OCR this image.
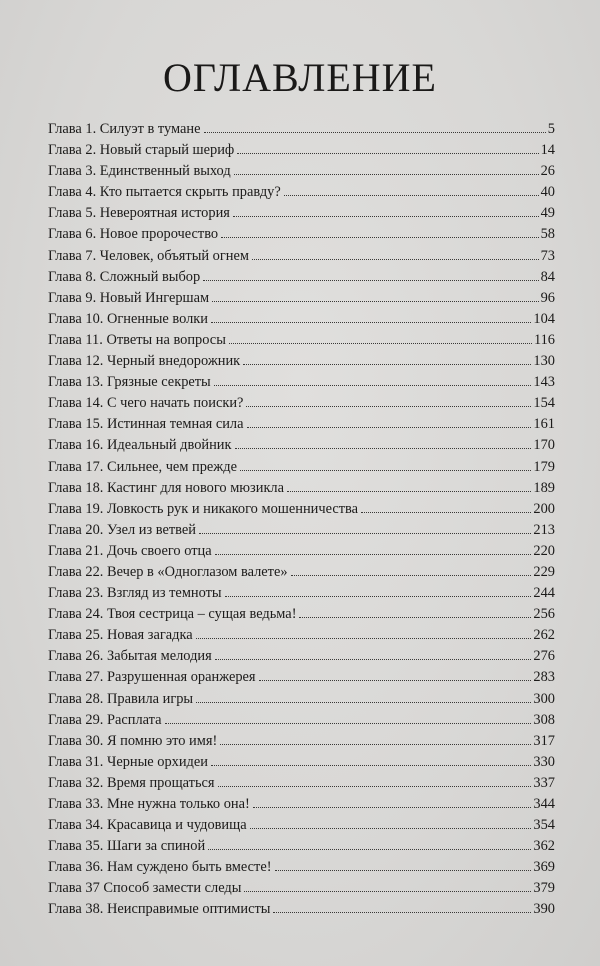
ОГЛАВЛЕНИЕ
Глава 1. Силуэт в тумане	5
Глава 2. Новый старый шериф	14
Глава 3. Единственный выход	26
Глава 4. Кто пытается скрыть правду?	40
Глава 5. Невероятная история	49
Глава 6. Новое пророчество	58
Глава 7. Человек, объятый огнем	73
Глава 8. Сложный выбор	84
Глава 9. Новый Ингершам	96
Глава 10. Огненные волки	104
Глава 11. Ответы на вопросы	116
Глава 12. Черный внедорожник	130
Глава 13. Грязные секреты	143
Глава 14. С чего начать поиски?	154
Глава 15. Истинная темная сила	161
Глава 16. Идеальный двойник	170
Глава 17. Сильнее, чем прежде	179
Глава 18. Кастинг для нового мюзикла	189
Глава 19. Ловкость рук и никакого мошенничества	200
Глава 20. Узел из ветвей	213
Глава 21. Дочь своего отца	220
Глава 22. Вечер в «Одноглазом валете»	229
Глава 23. Взгляд из темноты	244
Глава 24. Твоя сестрица – сущая ведьма!	256
Глава 25. Новая загадка	262
Глава 26. Забытая мелодия	276
Глава 27. Разрушенная оранжерея	283
Глава 28. Правила игры	300
Глава 29. Расплата	308
Глава 30. Я помню это имя!	317
Глава 31. Черные орхидеи	330
Глава 32. Время прощаться	337
Глава 33. Мне нужна только она!	344
Глава 34. Красавица и чудовища	354
Глава 35. Шаги за спиной	362
Глава 36. Нам суждено быть вместе!	369
Глава 37 Способ замести следы	379
Глава 38. Неисправимые оптимисты	390
